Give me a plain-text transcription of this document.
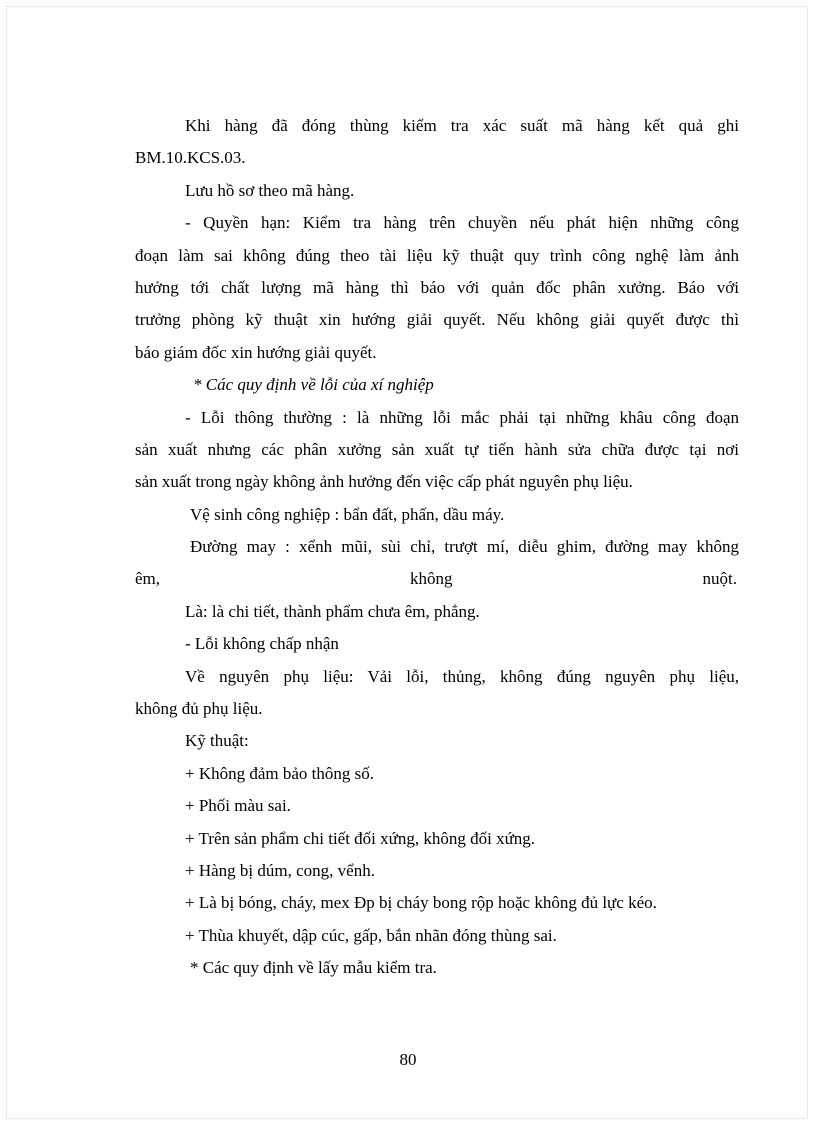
Khi hàng đã đóng thùng kiểm tra xác suất mã hàng kết quả ghi
BM.10.KCS.03.
Lưu hồ sơ theo mã hàng.
- Quyền hạn: Kiểm tra hàng trên chuyền nếu phát hiện những công
đoạn làm sai không đúng theo tài liệu kỹ thuật quy trình công nghệ làm ảnh
hưởng tới chất lượng mã hàng thì báo với quản đốc phân xưởng. Báo với
trưởng phòng kỹ thuật xin hướng giải quyết. Nếu không giải quyết được thì
báo giám đốc xin hướng giải quyết.
* Các quy định về lỗi của xí nghiệp
- Lỗi thông thường : là những lỗi mắc phải tại những khâu công đoạn
sản xuất nhưng các phân xưởng sản xuất tự tiến hành sửa chữa được tại nơi
sản xuất trong ngày không ảnh hưởng đến việc cấp phát nguyên phụ liệu.
Vệ sinh công nghiệp : bẩn đất, phấn, dầu máy.
Đường may : xểnh mũi, sùi chỉ, trượt mí, diễu ghim, đường may không
êm,	không	nuột.
Là: là chi tiết, thành phẩm chưa êm, phẳng.
- Lỗi không chấp nhận
Về nguyên phụ liệu: Vải lỗi, thủng, không đúng nguyên phụ liệu,
không đủ phụ liệu.
Kỹ thuật:
+ Không đảm bảo thông số.
+ Phối màu sai.
+ Trên sản phẩm chi tiết đối xứng, không đối xứng.
+ Hàng bị dúm, cong, vểnh.
+ Là bị bóng, cháy, mex Đp bị cháy bong rộp hoặc không đủ lực kéo.
+ Thùa khuyết, dập cúc, gấp, bắn nhãn đóng thùng sai.
* Các quy định về lấy mẫu kiểm tra.
80
